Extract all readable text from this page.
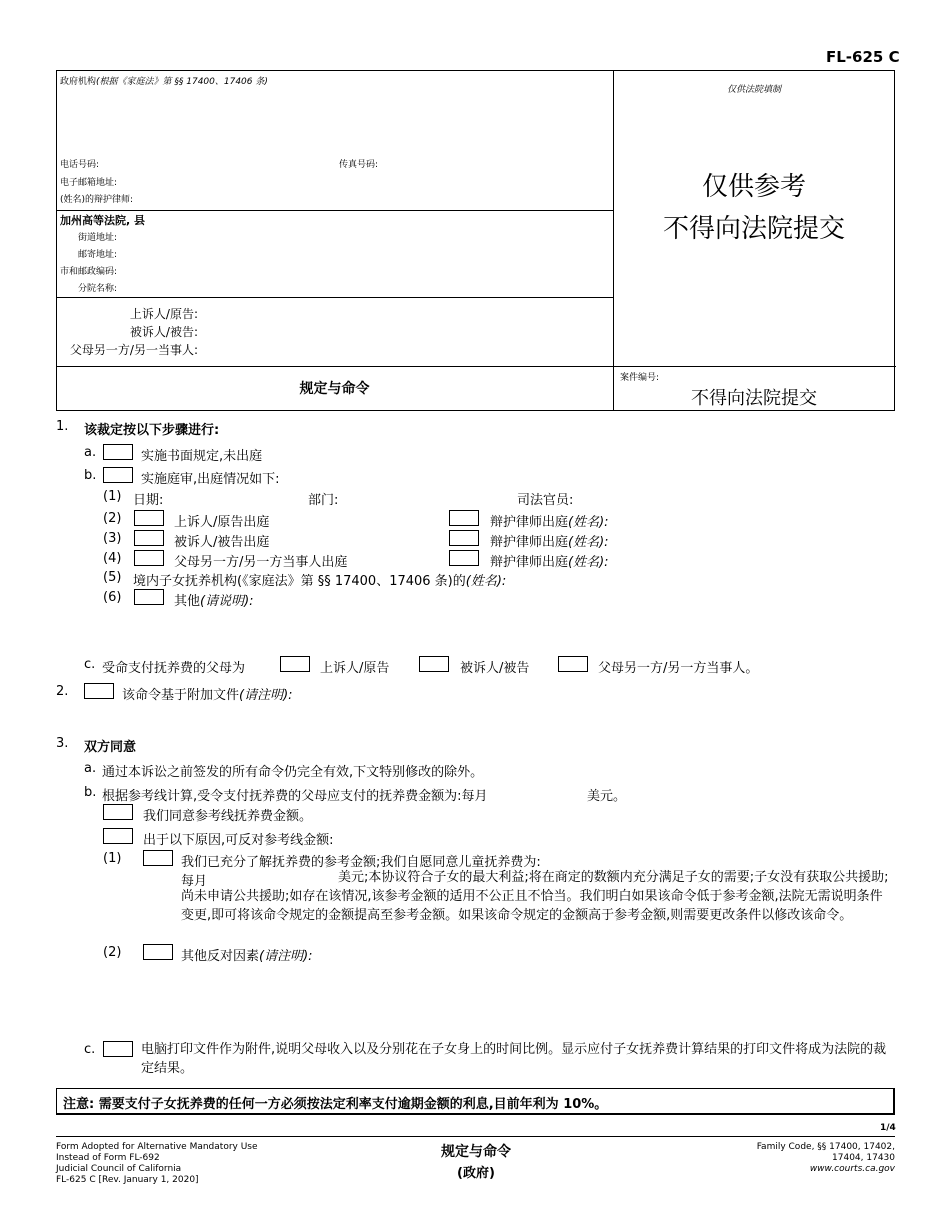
FL-625 C
政府机构(根据《家庭法》第 §§ 17400、17406 条)
电话号码:	传真号码:
电子邮箱地址:
(姓名)的辩护律师:
加州高等法院, 县
街道地址:
邮寄地址:
市和邮政编码:
分院名称:
上诉人/原告:
被诉人/被告:
父母另一方/另一当事人:
规定与命令
仅供法院填制
仅供参考
不得向法院提交
案件编号:
不得向法院提交
1. 该裁定按以下步骤进行:
a.	实施书面规定,未出庭
b.	实施庭审,出庭情况如下:
(1) 日期:	部门:	司法官员:
(2)	上诉人/原告出庭	辩护律师出庭(姓名):
(3)	被诉人/被告出庭	辩护律师出庭(姓名):
(4)	父母另一方/另一方当事人出庭	辩护律师出庭(姓名):
(5) 境内子女抚养机构(《家庭法》第 §§ 17400、17406 条)的(姓名):
(6)	其他(请说明):
c. 受命支付抚养费的父母为	上诉人/原告	被诉人/被告	父母另一方/另一方当事人。
2.	该命令基于附加文件(请注明):
3. 双方同意
a. 通过本诉讼之前签发的所有命令仍完全有效,下文特别修改的除外。
b. 根据参考线计算,受令支付抚养费的父母应支付的抚养费金额为:每月	美元。
我们同意参考线抚养费金额。
出于以下原因,可反对参考线金额:
(1)	我们已充分了解抚养费的参考金额;我们自愿同意儿童抚养费为:
每月	美元;本协议符合子女的最大利益;将在商定的数额内充分满足子女的需要;子女没有获取公共援助;尚未申请公共援助;如存在该情况,该参考金额的适用不公正且不恰当。我们明白如果该命令低于参考金额,法院无需说明条件变更,即可将该命令规定的金额提高至参考金额。如果该命令规定的金额高于参考金额,则需要更改条件以修改该命令。
(2)	其他反对因素(请注明):
c.	电脑打印文件作为附件,说明父母收入以及分别花在子女身上的时间比例。显示应付子女抚养费计算结果的打印文件将成为法院的裁定结果。
注意: 需要支付子女抚养费的任何一方必须按法定利率支付逾期金额的利息,目前年利为 10%。
1/4
Form Adopted for Alternative Mandatory Use
Instead of Form FL-692
Judicial Council of California
FL-625 C [Rev. January 1, 2020]
规定与命令
(政府)
Family Code, §§ 17400, 17402,
17404, 17430
www.courts.ca.gov
